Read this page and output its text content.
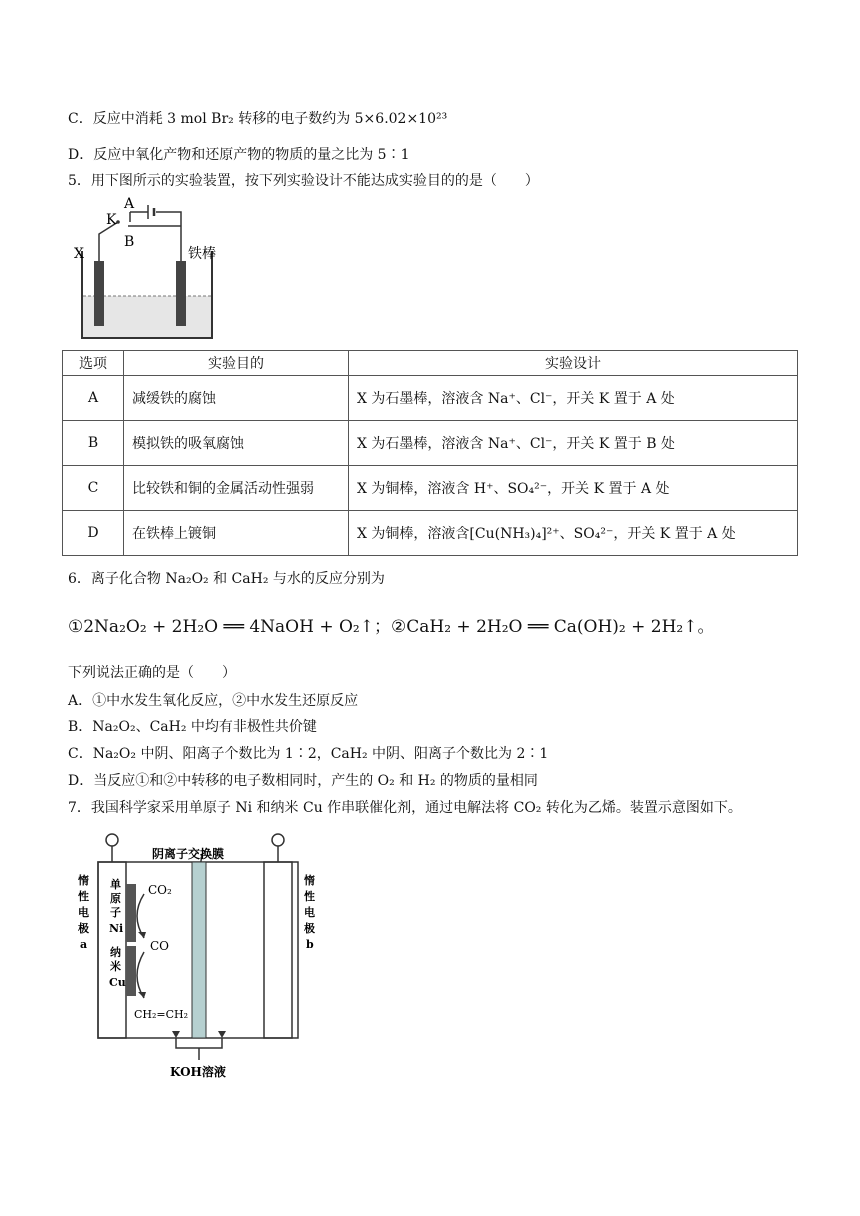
C．反应中消耗 3 mol Br₂ 转移的电子数约为 5×6.02×10²³
D．反应中氧化产物和还原产物的物质的量之比为 5∶1
5．用下图所示的实验装置，按下列实验设计不能达成实验目的的是（　　）
A
K
B
X	铁棒
选项	实验目的	实验设计
A	减缓铁的腐蚀	X 为石墨棒，溶液含 Na⁺、Cl⁻，开关 K 置于 A 处
B	模拟铁的吸氧腐蚀	X 为石墨棒，溶液含 Na⁺、Cl⁻，开关 K 置于 B 处
C	比较铁和铜的金属活动性强弱	X 为铜棒，溶液含 H⁺、SO₄²⁻，开关 K 置于 A 处
D	在铁棒上镀铜	X 为铜棒，溶液含[Cu(NH₃)₄]²⁺、SO₄²⁻，开关 K 置于 A 处
6．离子化合物 Na₂O₂ 和 CaH₂ 与水的反应分别为
①2Na₂O₂ + 2H₂O ══ 4NaOH + O₂↑；②CaH₂ + 2H₂O ══ Ca(OH)₂ + 2H₂↑。
下列说法正确的是（　　）
A．①中水发生氧化反应，②中水发生还原反应
B．Na₂O₂、CaH₂ 中均有非极性共价键
C．Na₂O₂ 中阴、阳离子个数比为 1∶2，CaH₂ 中阴、阳离子个数比为 2∶1
D．当反应①和②中转移的电子数相同时，产生的 O₂ 和 H₂ 的物质的量相同
7．我国科学家采用单原子 Ni 和纳米 Cu 作串联催化剂，通过电解法将 CO₂ 转化为乙烯。装置示意图如下。
阴离子交换膜
CO₂
CO
CH₂=CH₂
KOH溶液
惰
性
电
极
a
惰
性
电
极
b
单
原
子
Ni
纳
米
Cu
